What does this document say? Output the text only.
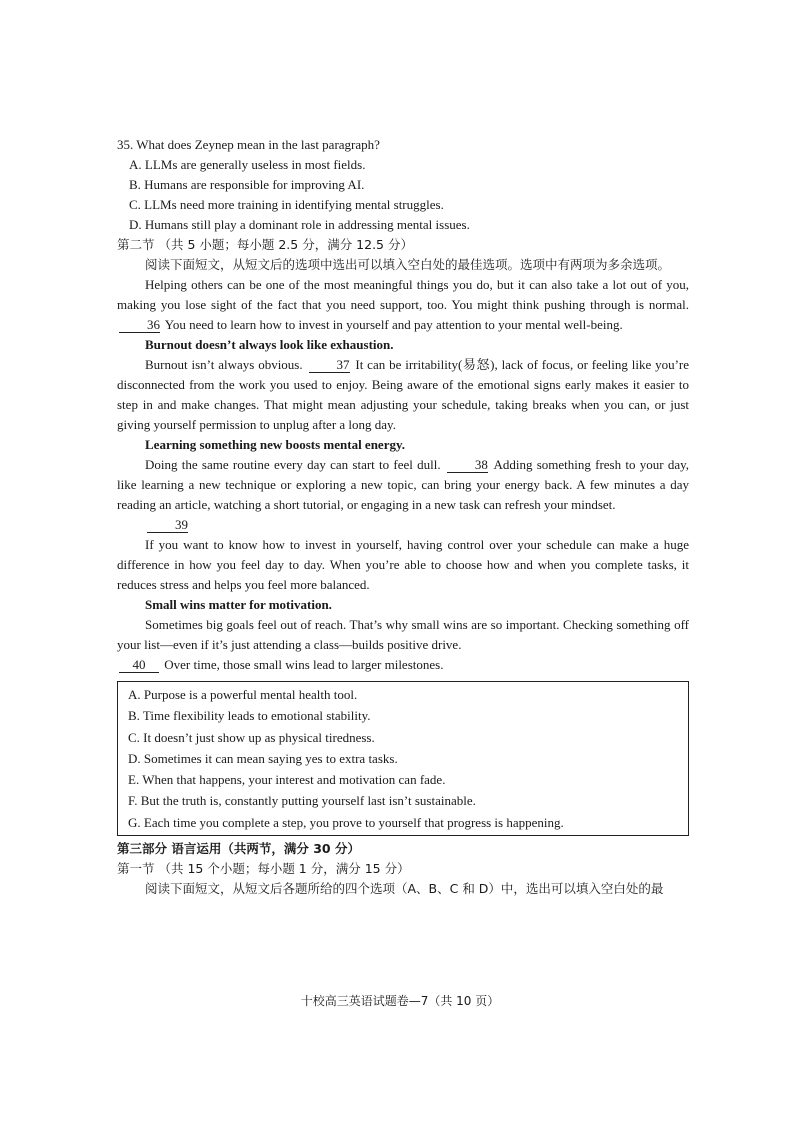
35. What does Zeynep mean in the last paragraph?

A. LLMs are generally useless in most fields.

B. Humans are responsible for improving AI.

C. LLMs need more training in identifying mental struggles.

D. Humans still play a dominant role in addressing mental issues.

第二节 （共 5 小题；每小题 2.5 分，满分 12.5 分）

阅读下面短文，从短文后的选项中选出可以填入空白处的最佳选项。选项中有两项为多余选项。

Helping others can be one of the most meaningful things you do, but it can also take a lot out of you, making you lose sight of the fact that you need support, too. You might think pushing through is normal. 36 You need to learn how to invest in yourself and pay attention to your mental well-being.

Burnout doesn’t always look like exhaustion.

Burnout isn’t always obvious.	37 It can be irritability(易怒), lack of focus, or feeling like you’re disconnected from the work you used to enjoy. Being aware of the emotional signs early makes it easier to step in and make changes. That might mean adjusting your schedule, taking breaks when you can, or just giving yourself permission to unplug after a long day.

Learning something new boosts mental energy.

Doing the same routine every day can start to feel dull.	38 Adding something fresh to your day, like learning a new technique or exploring a new topic, can bring your energy back. A few minutes a day reading an article, watching a short tutorial, or engaging in a new task can refresh your mindset.

39

If you want to know how to invest in yourself, having control over your schedule can make a huge difference in how you feel day to day. When you’re able to choose how and when you complete tasks, it reduces stress and helps you feel more balanced.

Small wins matter for motivation.

Sometimes big goals feel out of reach. That’s why small wins are so important. Checking something off your list—even if it’s just attending a class—builds positive drive.

40 Over time, those small wins lead to larger milestones.

A. Purpose is a powerful mental health tool.

B. Time flexibility leads to emotional stability.

C. It doesn’t just show up as physical tiredness.

D. Sometimes it can mean saying yes to extra tasks.

E. When that happens, your interest and motivation can fade.

F. But the truth is, constantly putting yourself last isn’t sustainable.

G. Each time you complete a step, you prove to yourself that progress is happening.

第三部分 语言运用（共两节，满分 30 分）

第一节 （共 15 个小题；每小题 1 分，满分 15 分）

阅读下面短文，从短文后各题所给的四个选项（A、B、C 和 D）中，选出可以填入空白处的最

十校高三英语试题卷—7（共 10 页）
